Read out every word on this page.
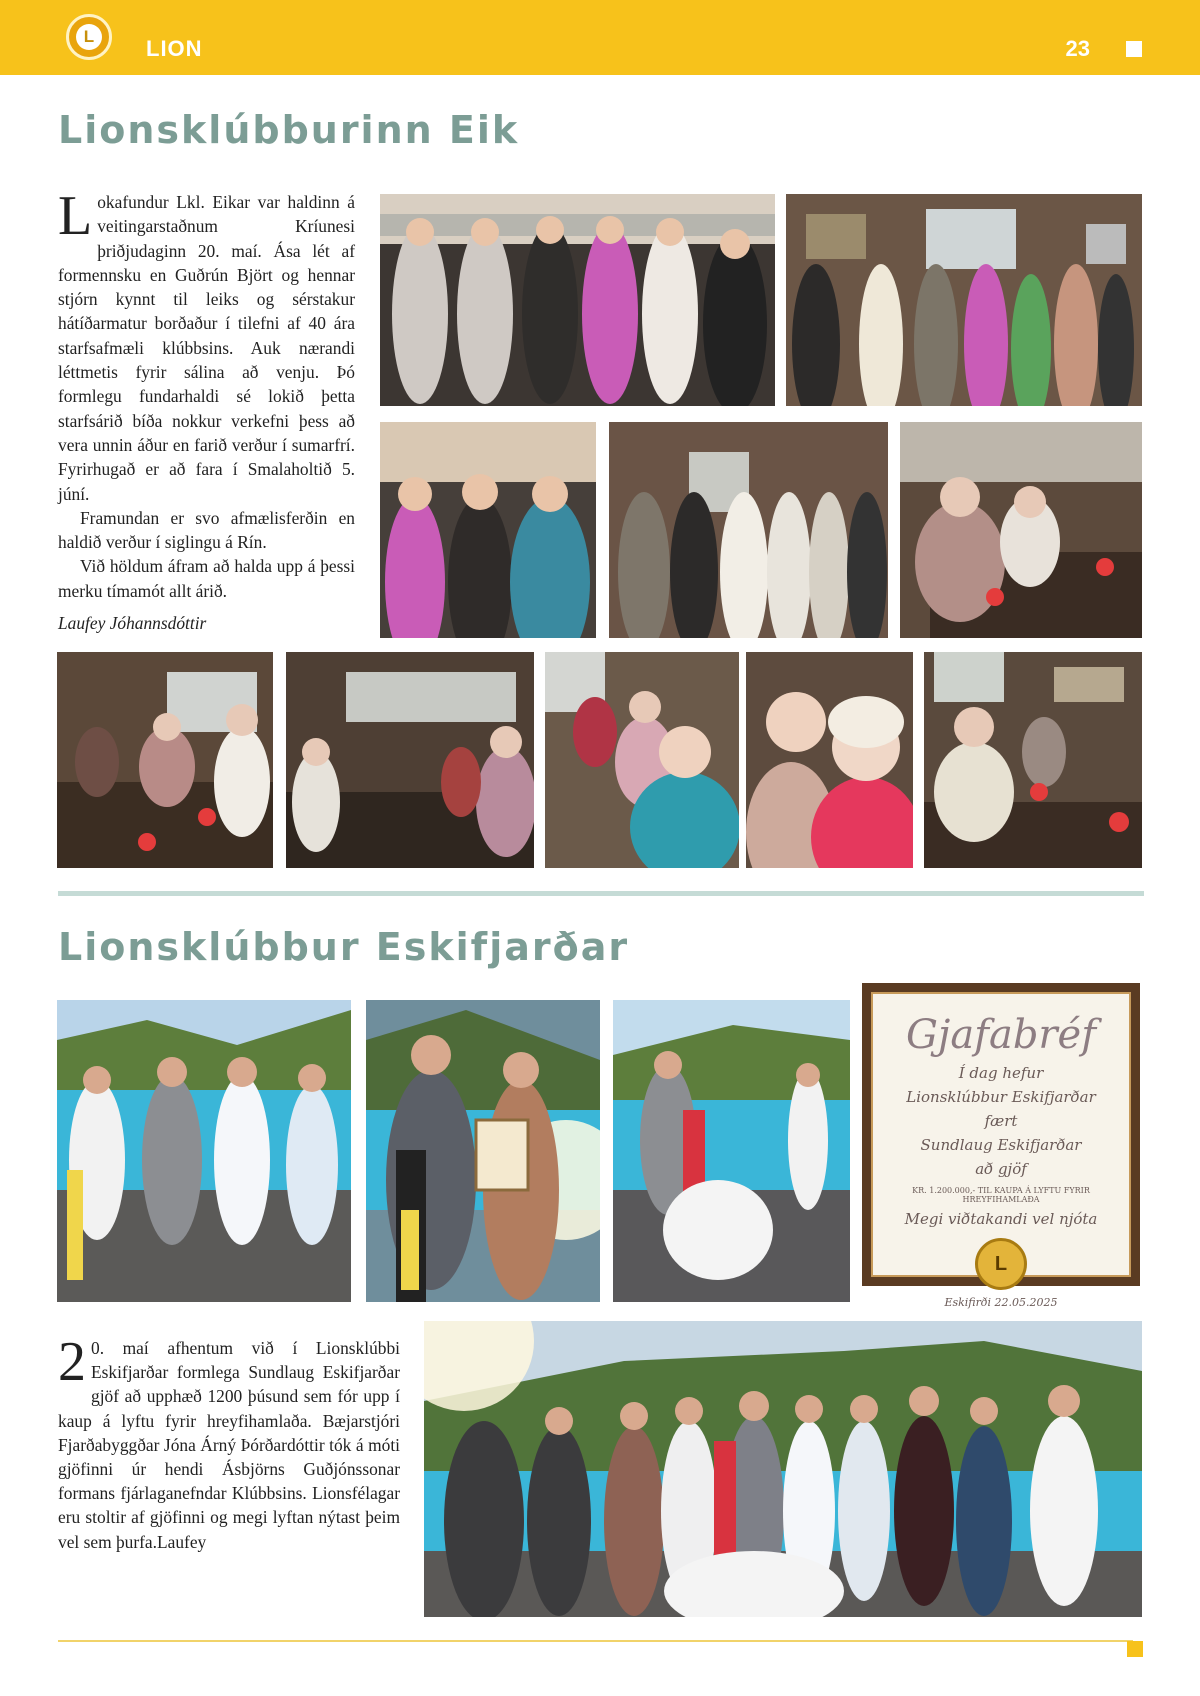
L	LION	23
Lionsklúbburinn Eik

Lokafundur Lkl. Eikar var haldinn á veitingarstaðnum Kríunesi þriðjudaginn 20. maí. Ása lét af formennsku en Guðrún Björt og hennar stjórn kynnt til leiks og sérstakur hátíðarmatur borðaður í tilefni af 40 ára starfsafmæli klúbbsins. Auk nærandi léttmetis fyrir sálina að venju. Þó formlegu fundarhaldi sé lokið þetta starfsárið bíða nokkur verkefni þess að vera unnin áður en farið verður í sumarfrí. Fyrirhugað er að fara í Smalaholtið 5. júní.

Framundan er svo afmælisferðin en haldið verður í siglingu á Rín.

Við höldum áfram að halda upp á þessi merku tímamót allt árið.

Laufey Jóhannsdóttir

Lionsklúbbur Eskifjarðar
Gjafabréf
Í dag hefur
Lionsklúbbur Eskifjarðar
fært
Sundlaug Eskifjarðar
að gjöf
KR. 1.200.000,- TIL KAUPA Á LYFTU FYRIR HREYFIHAMLAÐA
Megi viðtakandi vel njóta
L
Eskifirði 22.05.2025

2 0. maí afhentum við í Lionsklúbbi Eskifjarðar formlega Sundlaug Eskifjarðar gjöf að upphæð 1200 þúsund sem fór upp í kaup á lyftu fyrir hreyfihamlaða. Bæjarstjóri Fjarðabyggðar Jóna Árný Þórðardóttir tók á móti gjöfinni úr hendi Ásbjörns Guðjónssonar formans fjárlaganefndar Klúbbsins. Lionsfélagar eru stoltir af gjöfinni og megi lyftan nýtast þeim vel sem þurfa.Laufey
